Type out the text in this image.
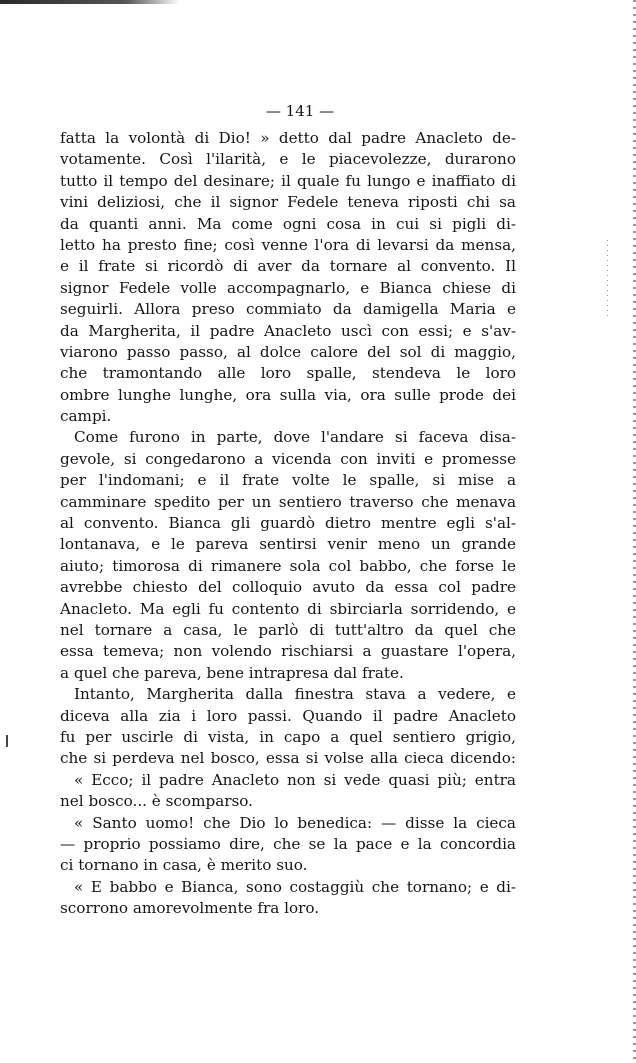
— 141 —
fatta la volontà di Dio! » detto dal padre Anacleto de-
votamente. Così l'ilarità, e le piacevolezze, durarono
tutto il tempo del desinare; il quale fu lungo e inaffiato di
vini deliziosi, che il signor Fedele teneva riposti chi sa
da quanti anni. Ma come ogni cosa in cui si pigli di-
letto ha presto fine; così venne l'ora di levarsi da mensa,
e il frate si ricordò di aver da tornare al convento. Il
signor Fedele volle accompagnarlo, e Bianca chiese di
seguirli. Allora preso commiato da damigella Maria e
da Margherita, il padre Anacleto uscì con essi; e s'av-
viarono passo passo, al dolce calore del sol di maggio,
che tramontando alle loro spalle, stendeva le loro
ombre lunghe lunghe, ora sulla via, ora sulle prode dei
campi.
Come furono in parte, dove l'andare si faceva disa-
gevole, si congedarono a vicenda con inviti e promesse
per l'indomani; e il frate volte le spalle, si mise a
camminare spedito per un sentiero traverso che menava
al convento. Bianca gli guardò dietro mentre egli s'al-
lontanava, e le pareva sentirsi venir meno un grande
aiuto; timorosa di rimanere sola col babbo, che forse le
avrebbe chiesto del colloquio avuto da essa col padre
Anacleto. Ma egli fu contento di sbirciarla sorridendo, e
nel tornare a casa, le parlò di tutt'altro da quel che
essa temeva; non volendo rischiarsi a guastare l'opera,
a quel che pareva, bene intrapresa dal frate.
Intanto, Margherita dalla finestra stava a vedere, e
diceva alla zia i loro passi. Quando il padre Anacleto
fu per uscirle di vista, in capo a quel sentiero grigio,
che si perdeva nel bosco, essa si volse alla cieca dicendo:
« Ecco; il padre Anacleto non si vede quasi più; entra
nel bosco... è scomparso.
« Santo uomo! che Dio lo benedica: — disse la cieca
— proprio possiamo dire, che se la pace e la concordia
ci tornano in casa, è merito suo.
« E babbo e Bianca, sono costaggiù che tornano; e di-
scorrono amorevolmente fra loro.
